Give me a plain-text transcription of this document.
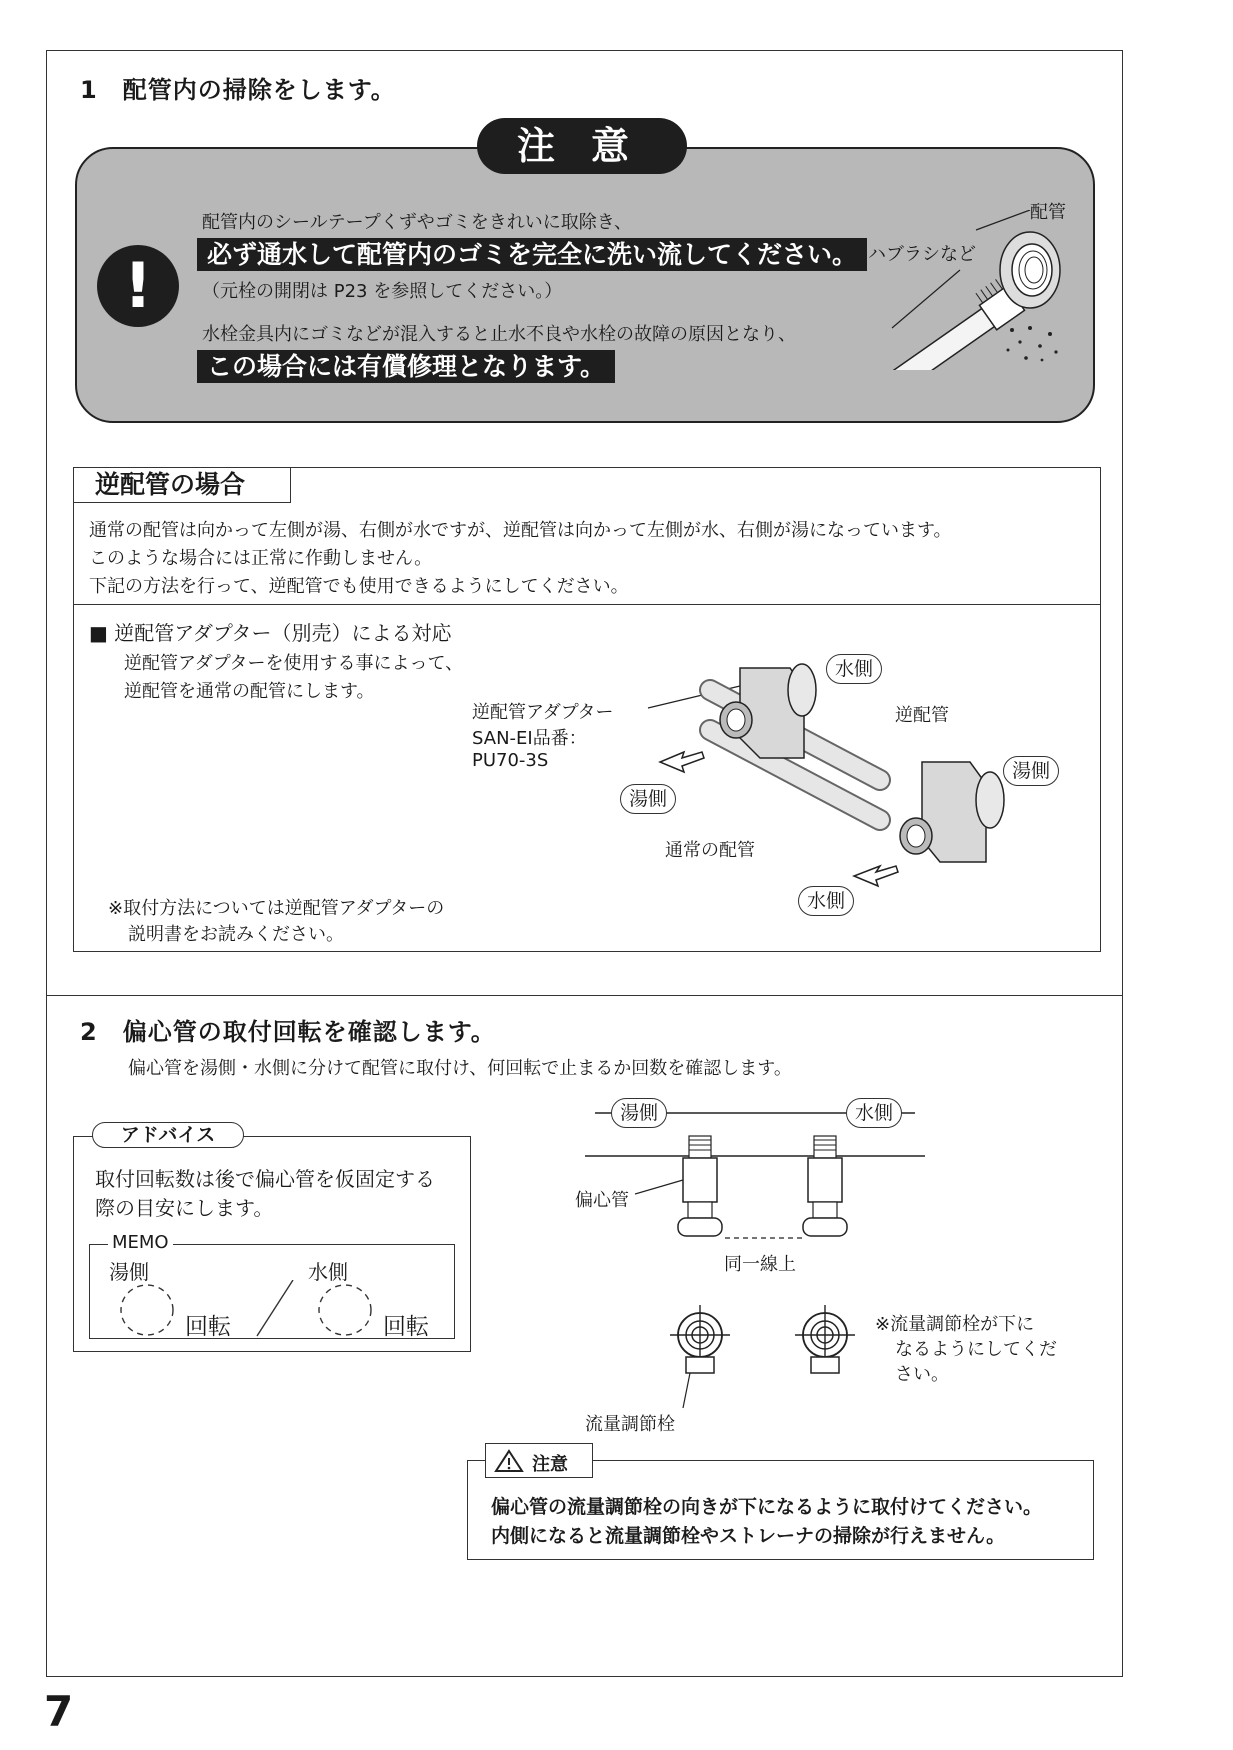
1　配管内の掃除をします。
注意
!
配管内のシールテープくずやゴミをきれいに取除き、
必ず通水して配管内のゴミを完全に洗い流してください。
（元栓の開閉は P23 を参照してください。）
水栓金具内にゴミなどが混入すると止水不良や水栓の故障の原因となり、
この場合には有償修理となります。
ハブラシなど
配管
逆配管の場合
通常の配管は向かって左側が湯、右側が水ですが、逆配管は向かって左側が水、右側が湯になっています。
このような場合には正常に作動しません。
下記の方法を行って、逆配管でも使用できるようにしてください。
■ 逆配管アダプター（別売）による対応
逆配管アダプターを使用する事によって、
逆配管を通常の配管にします。
逆配管アダプター
SAN-EI品番：
PU70-3S
水側
逆配管
湯側
湯側
通常の配管
水側
※取付方法については逆配管アダプターの
説明書をお読みください。
2　偏心管の取付回転を確認します。
偏心管を湯側・水側に分けて配管に取付け、何回転で止まるか回数を確認します。
アドバイス
取付回転数は後で偏心管を仮固定する
際の目安にします。
MEMO
湯側	水側
回転	回転
湯側	水側
偏心管
同一線上
流量調節栓
※流量調節栓が下に
なるようにしてくだ
さい。
注意
偏心管の流量調節栓の向きが下になるように取付けてください。
内側になると流量調節栓やストレーナの掃除が行えません。
7
